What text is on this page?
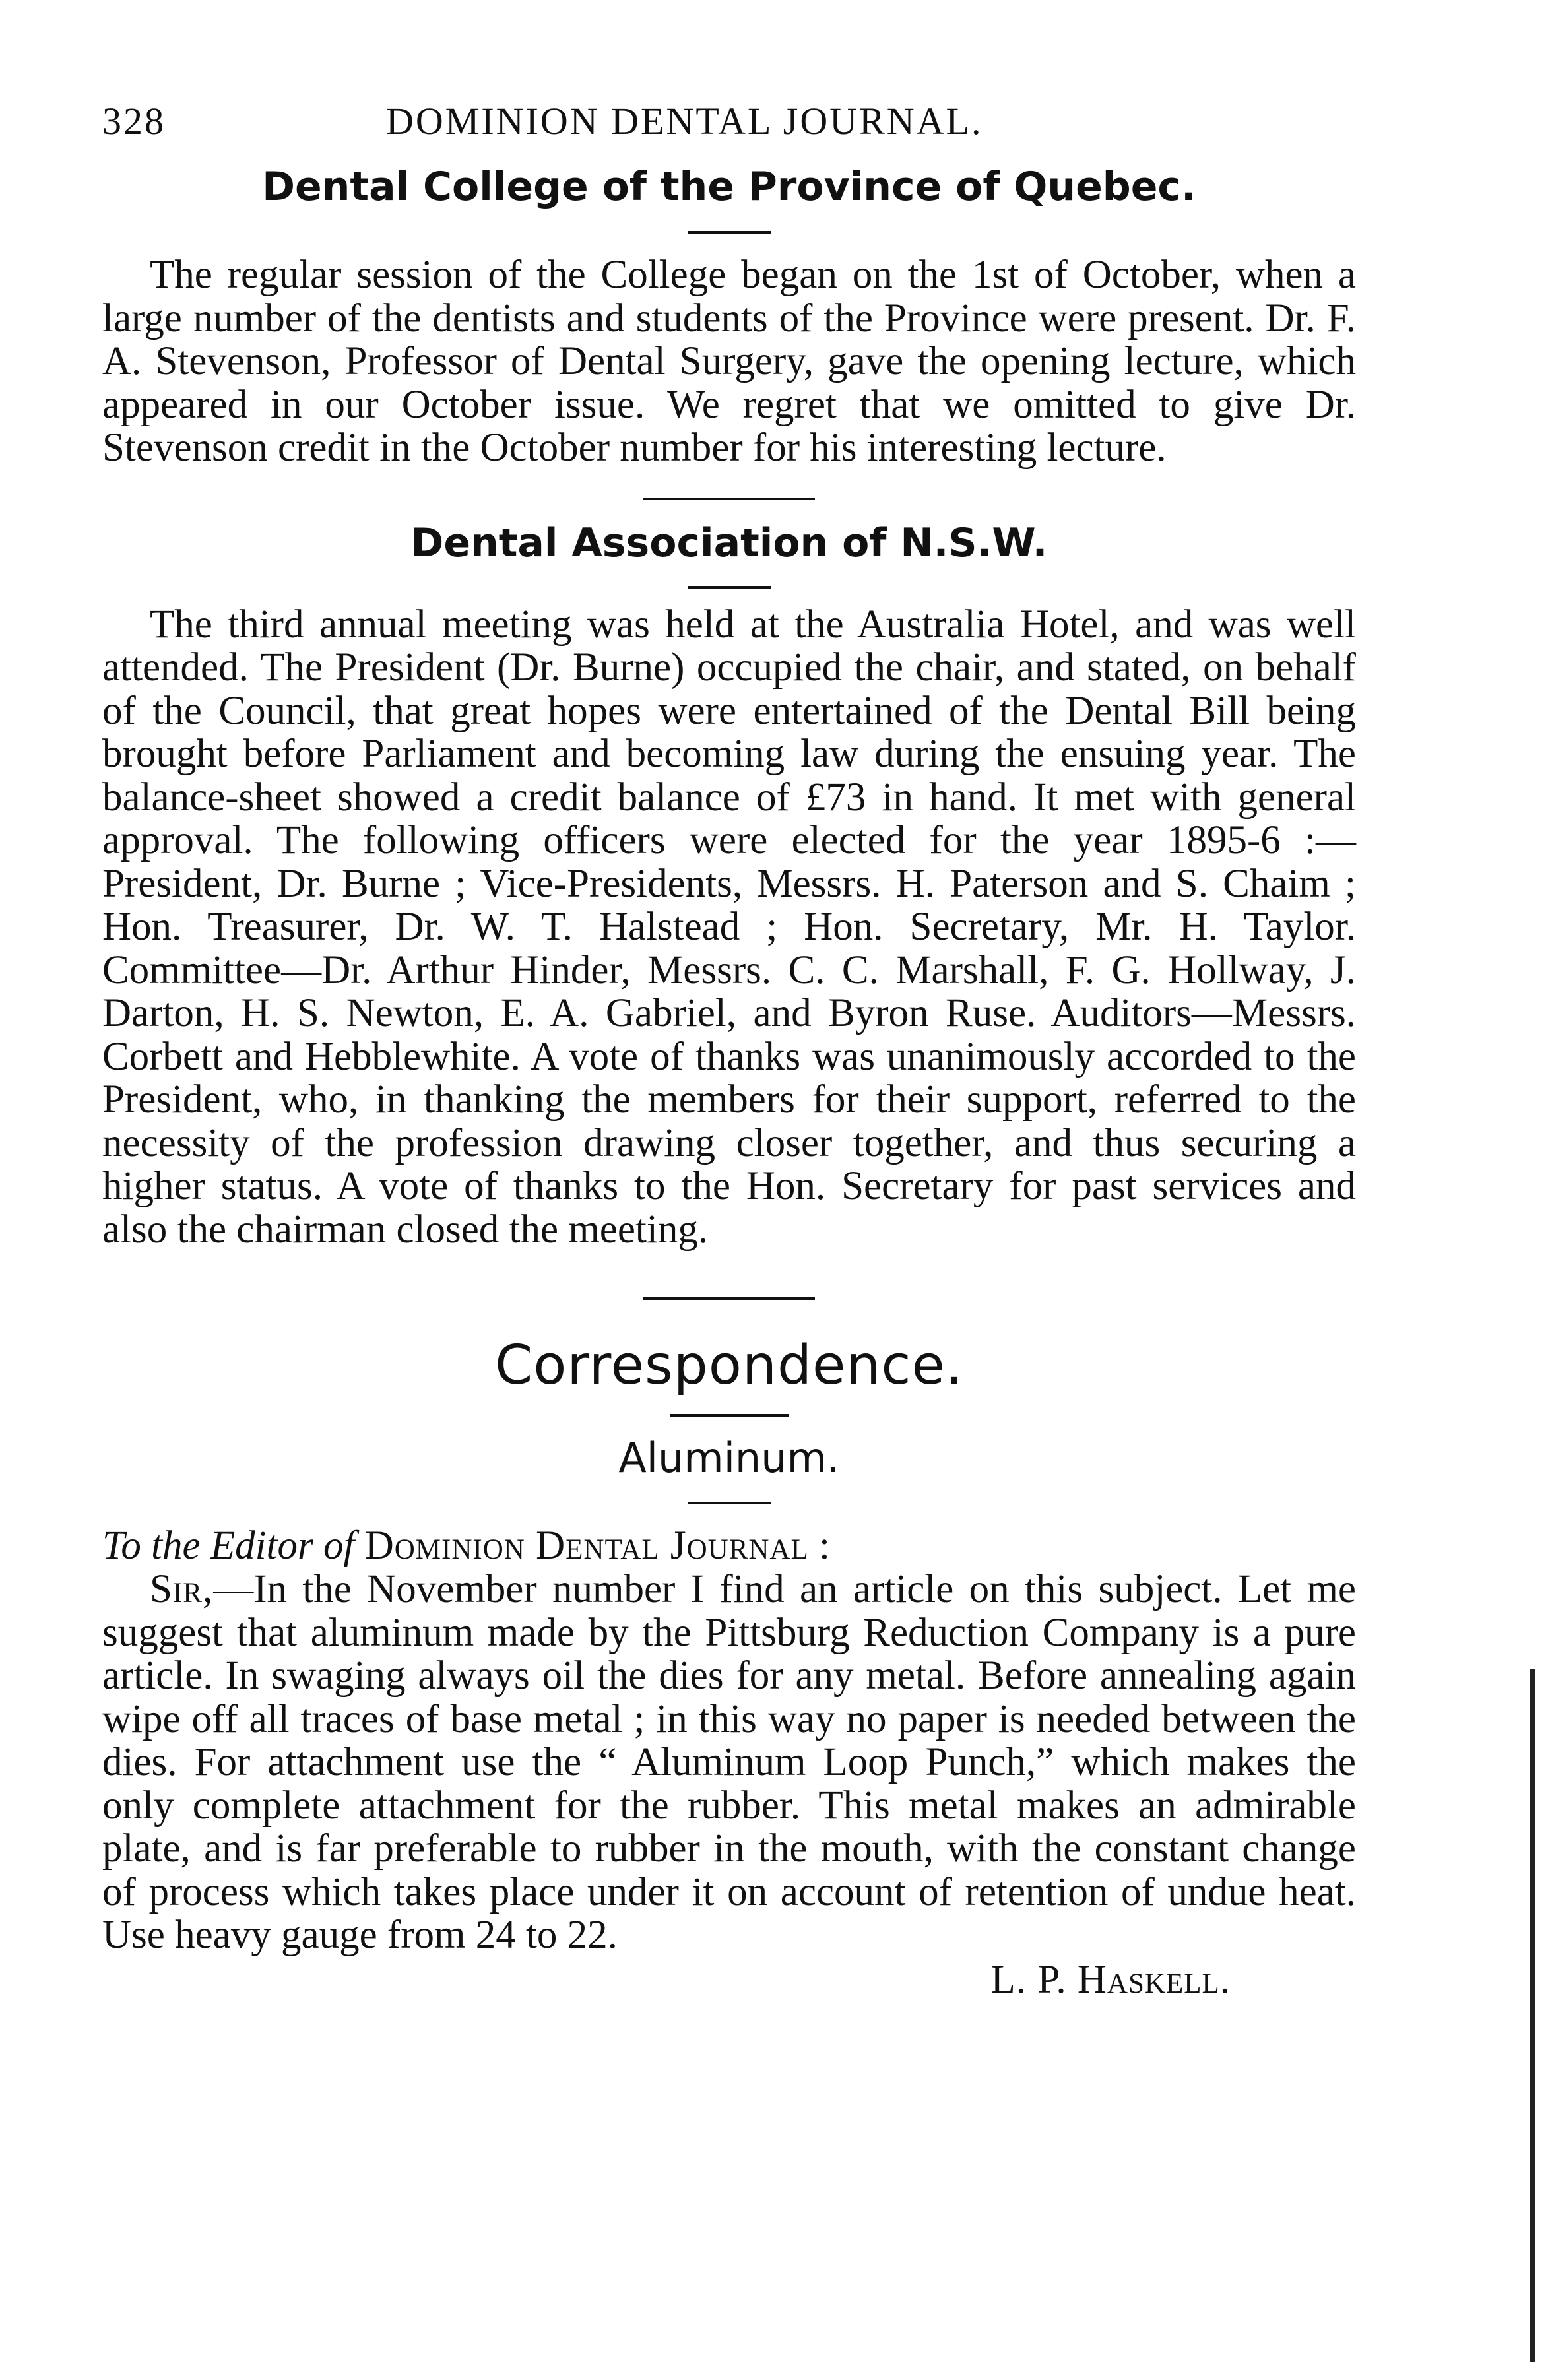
328	DOMINION DENTAL JOURNAL.
Dental College of the Province of Quebec.

The regular session of the College began on the 1st of October, when a large number of the dentists and students of the Province were present. Dr. F. A. Stevenson, Professor of Dental Surgery, gave the opening lecture, which appeared in our October issue. We regret that we omitted to give Dr. Stevenson credit in the October number for his interesting lecture.

Dental Association of N.S.W.

The third annual meeting was held at the Australia Hotel, and was well attended. The President (Dr. Burne) occupied the chair, and stated, on behalf of the Council, that great hopes were entertained of the Dental Bill being brought before Parliament and becoming law during the ensuing year. The balance-sheet showed a credit balance of £73 in hand. It met with general approval. The following officers were elected for the year 1895-6 :—President, Dr. Burne ; Vice-Presidents, Messrs. H. Paterson and S. Chaim ; Hon. Treasurer, Dr. W. T. Halstead ; Hon. Secretary, Mr. H. Taylor. Committee—Dr. Arthur Hinder, Messrs. C. C. Marshall, F. G. Hollway, J. Darton, H. S. Newton, E. A. Gabriel, and Byron Ruse. Auditors—Messrs. Corbett and Hebblewhite. A vote of thanks was unanimously accorded to the President, who, in thanking the members for their support, referred to the necessity of the profession drawing closer together, and thus securing a higher status. A vote of thanks to the Hon. Secretary for past services and also the chairman closed the meeting.

Correspondence.
Aluminum.
To the Editor of Dominion Dental Journal :

Sir,—In the November number I find an article on this subject. Let me suggest that aluminum made by the Pittsburg Reduction Company is a pure article. In swaging always oil the dies for any metal. Before annealing again wipe off all traces of base metal ; in this way no paper is needed between the dies. For attachment use the “ Aluminum Loop Punch,” which makes the only complete attachment for the rubber. This metal makes an admirable plate, and is far preferable to rubber in the mouth, with the constant change of process which takes place under it on account of retention of undue heat. Use heavy gauge from 24 to 22.

L. P. Haskell.
